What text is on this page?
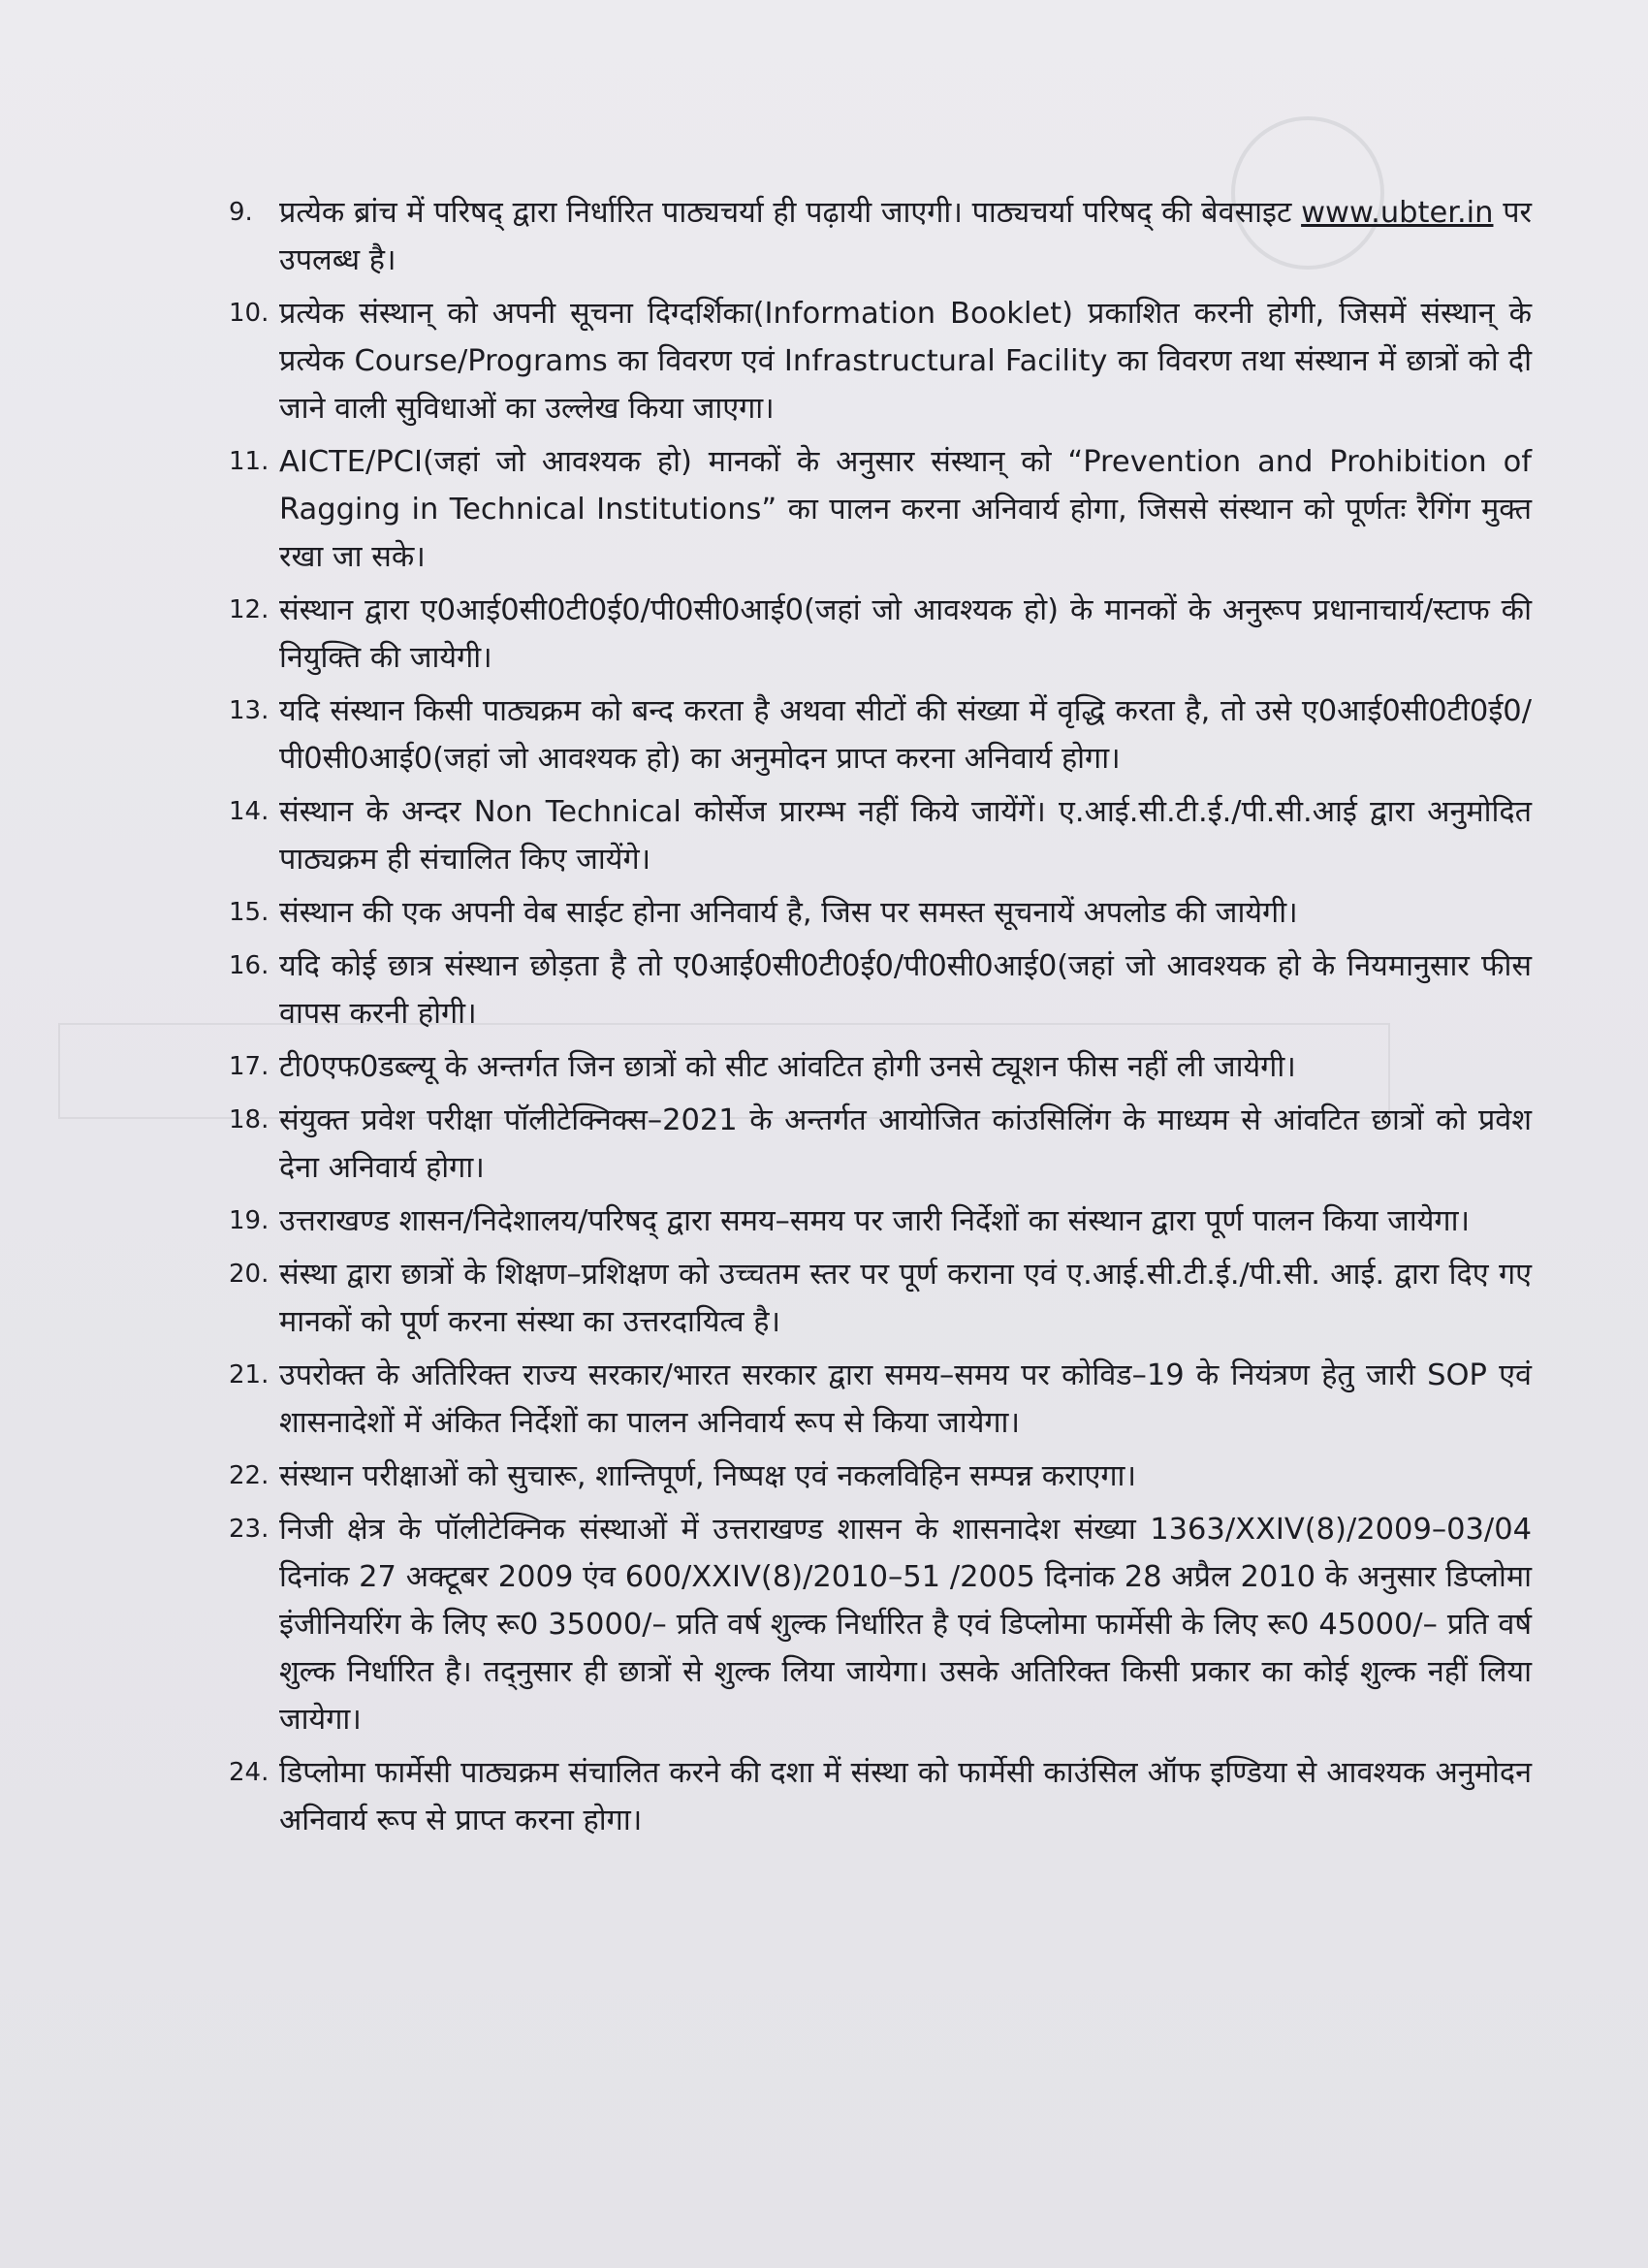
9. प्रत्येक ब्रांच में परिषद् द्वारा निर्धारित पाठ्यचर्या ही पढ़ायी जाएगी। पाठ्यचर्या परिषद् की बेवसाइट www.ubter.in पर उपलब्ध है।
10. प्रत्येक संस्थान् को अपनी सूचना दिग्दर्शिका(Information Booklet) प्रकाशित करनी होगी, जिसमें संस्थान् के प्रत्येक Course/Programs का विवरण एवं Infrastructural Facility का विवरण तथा संस्थान में छात्रों को दी जाने वाली सुविधाओं का उल्लेख किया जाएगा।
11. AICTE/PCI(जहां जो आवश्यक हो) मानकों के अनुसार संस्थान् को “Prevention and Prohibition of Ragging in Technical Institutions” का पालन करना अनिवार्य होगा, जिससे संस्थान को पूर्णतः रैगिंग मुक्त रखा जा सके।
12. संस्थान द्वारा ए0आई0सी0टी0ई0/पी0सी0आई0(जहां जो आवश्यक हो) के मानकों के अनुरूप प्रधानाचार्य/स्टाफ की नियुक्ति की जायेगी।
13. यदि संस्थान किसी पाठ्यक्रम को बन्द करता है अथवा सीटों की संख्या में वृद्धि करता है, तो उसे ए0आई0सी0टी0ई0/पी0सी0आई0(जहां जो आवश्यक हो) का अनुमोदन प्राप्त करना अनिवार्य होगा।
14. संस्थान के अन्दर Non Technical कोर्सेज प्रारम्भ नहीं किये जायेंगें। ए.आई.सी.टी.ई./पी.सी.आई द्वारा अनुमोदित पाठ्यक्रम ही संचालित किए जायेंगे।
15. संस्थान की एक अपनी वेब साईट होना अनिवार्य है, जिस पर समस्त सूचनायें अपलोड की जायेगी।
16. यदि कोई छात्र संस्थान छोड़ता है तो ए0आई0सी0टी0ई0/पी0सी0आई0(जहां जो आवश्यक हो के नियमानुसार फीस वापस करनी होगी।
17. टी0एफ0डब्ल्यू के अन्तर्गत जिन छात्रों को सीट आंवटित होगी उनसे ट्यूशन फीस नहीं ली जायेगी।
18. संयुक्त प्रवेश परीक्षा पॉलीटेक्निक्स–2021 के अन्तर्गत आयोजित कांउसिलिंग के माध्यम से आंवटित छात्रों को प्रवेश देना अनिवार्य होगा।
19. उत्तराखण्ड शासन/निदेशालय/परिषद् द्वारा समय–समय पर जारी निर्देशों का संस्थान द्वारा पूर्ण पालन किया जायेगा।
20. संस्था द्वारा छात्रों के शिक्षण–प्रशिक्षण को उच्चतम स्तर पर पूर्ण कराना एवं ए.आई.सी.टी.ई./पी.सी. आई. द्वारा दिए गए मानकों को पूर्ण करना संस्था का उत्तरदायित्व है।
21. उपरोक्त के अतिरिक्त राज्य सरकार/भारत सरकार द्वारा समय–समय पर कोविड–19 के नियंत्रण हेतु जारी SOP एवं शासनादेशों में अंकित निर्देशों का पालन अनिवार्य रूप से किया जायेगा।
22. संस्थान परीक्षाओं को सुचारू, शान्तिपूर्ण, निष्पक्ष एवं नकलविहिन सम्पन्न कराएगा।
23. निजी क्षेत्र के पॉलीटेक्निक संस्थाओं में उत्तराखण्ड शासन के शासनादेश संख्या 1363/XXIV(8)/2009–03/04 दिनांक 27 अक्टूबर 2009 एंव 600/XXIV(8)/2010–51 /2005 दिनांक 28 अप्रैल 2010 के अनुसार डिप्लोमा इंजीनियरिंग के लिए रू0 35000/– प्रति वर्ष शुल्क निर्धारित है एवं डिप्लोमा फार्मेसी के लिए रू0 45000/– प्रति वर्ष शुल्क निर्धारित है। तद्‌नुसार ही छात्रों से शुल्क लिया जायेगा। उसके अतिरिक्त किसी प्रकार का कोई शुल्क नहीं लिया जायेगा।
24. डिप्लोमा फार्मेसी पाठ्यक्रम संचालित करने की दशा में संस्था को फार्मेसी काउंसिल ऑफ इण्डिया से आवश्यक अनुमोदन अनिवार्य रूप से प्राप्त करना होगा।
